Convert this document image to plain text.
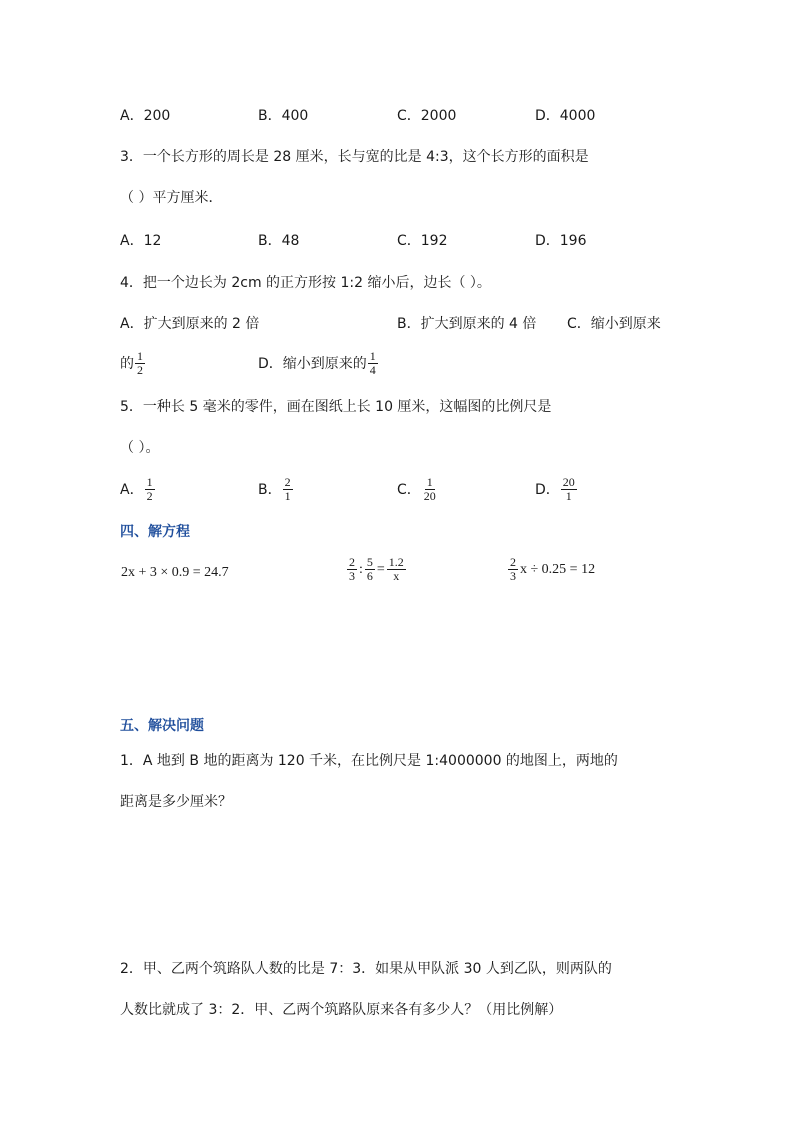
A．200	B．400	C．2000	D．4000
3．一个长方形的周长是 28 厘米，长与宽的比是 4:3，这个长方形的面积是
（ ）平方厘米．
A．12	B．48	C．192	D．196
4．把一个边长为 2cm 的正方形按 1:2 缩小后，边长（ ）。
A．扩大到原来的 2 倍	B．扩大到原来的 4 倍 C．缩小到原来
的 $\frac{1}{2}$	D．缩小到原来的 $\frac{1}{4}$
5．一种长 5 毫米的零件，画在图纸上长 10 厘米，这幅图的比例尺是
（ ）。
A． $\frac{1}{2}$	B． $\frac{2}{1}$	C． $\frac{1}{20}$	D． $\frac{20}{1}$
四、解方程
2x + 3 × 0.9 = 24.7	$\frac{2}{3}$ : $\frac{5}{6} = \frac{1.2}{x}$	$\frac{2}{3}$ x ÷ 0.25 = 12
五、解决问题
1．A 地到 B 地的距离为 120 千米，在比例尺是 1:4000000 的地图上，两地的
距离是多少厘米？
2．甲、乙两个筑路队人数的比是 7：3．如果从甲队派 30 人到乙队，则两队的
人数比就成了 3：2．甲、乙两个筑路队原来各有多少人？（用比例解）
